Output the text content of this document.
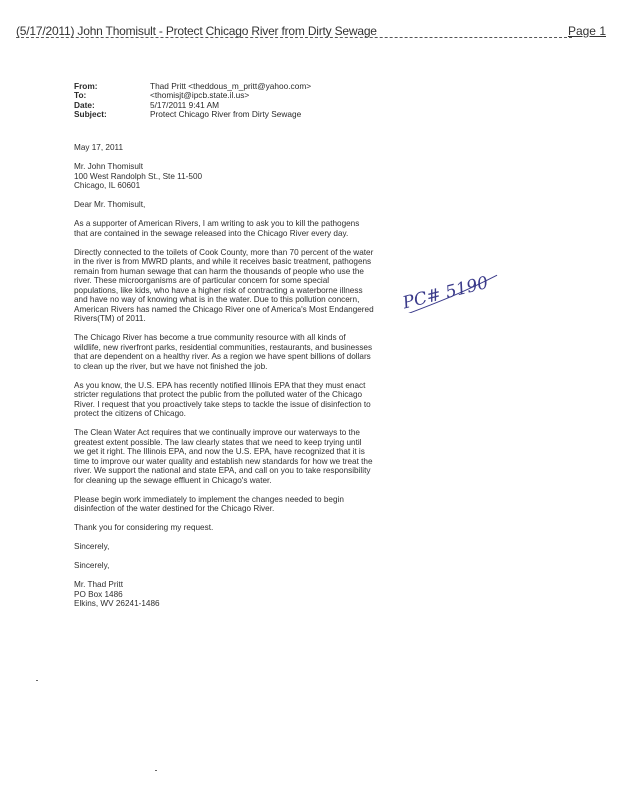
(5/17/2011) John Thomisult - Protect Chicago River from Dirty Sewage	Page 1
From:	Thad Pritt <theddous_m_pritt@yahoo.com>
To:	<thomisjt@ipcb.state.il.us>
Date:	5/17/2011 9:41 AM
Subject:	Protect Chicago River from Dirty Sewage

May 17, 2011

Mr. John Thomisult
100 West Randolph St., Ste 11-500
Chicago, IL 60601

Dear Mr. Thomisult,

As a supporter of American Rivers, I am writing to ask you to kill the pathogens that are contained in the sewage released into the Chicago River every day.

Directly connected to the toilets of Cook County, more than 70 percent of the water in the river is from MWRD plants, and while it receives basic treatment, pathogens remain from human sewage that can harm the thousands of people who use the river. These microorganisms are of particular concern for some special populations, like kids, who have a higher risk of contracting a waterborne illness and have no way of knowing what is in the water. Due to this pollution concern, American Rivers has named the Chicago River one of America's Most Endangered Rivers(TM) of 2011.

The Chicago River has become a true community resource with all kinds of wildlife, new riverfront parks, residential communities, restaurants, and businesses that are dependent on a healthy river. As a region we have spent billions of dollars to clean up the river, but we have not finished the job.

As you know, the U.S. EPA has recently notified Illinois EPA that they must enact stricter regulations that protect the public from the polluted water of the Chicago River. I request that you proactively take steps to tackle the issue of disinfection to protect the citizens of Chicago.

The Clean Water Act requires that we continually improve our waterways to the greatest extent possible. The law clearly states that we need to keep trying until we get it right. The Illinois EPA, and now the U.S. EPA, have recognized that it is time to improve our water quality and establish new standards for how we treat the river. We support the national and state EPA, and call on you to take responsibility for cleaning up the sewage effluent in Chicago's water.

Please begin work immediately to implement the changes needed to begin disinfection of the water destined for the Chicago River.

Thank you for considering my request.

Sincerely,

Sincerely,

Mr. Thad Pritt
PO Box 1486
Elkins, WV 26241-1486
PC# 5190
